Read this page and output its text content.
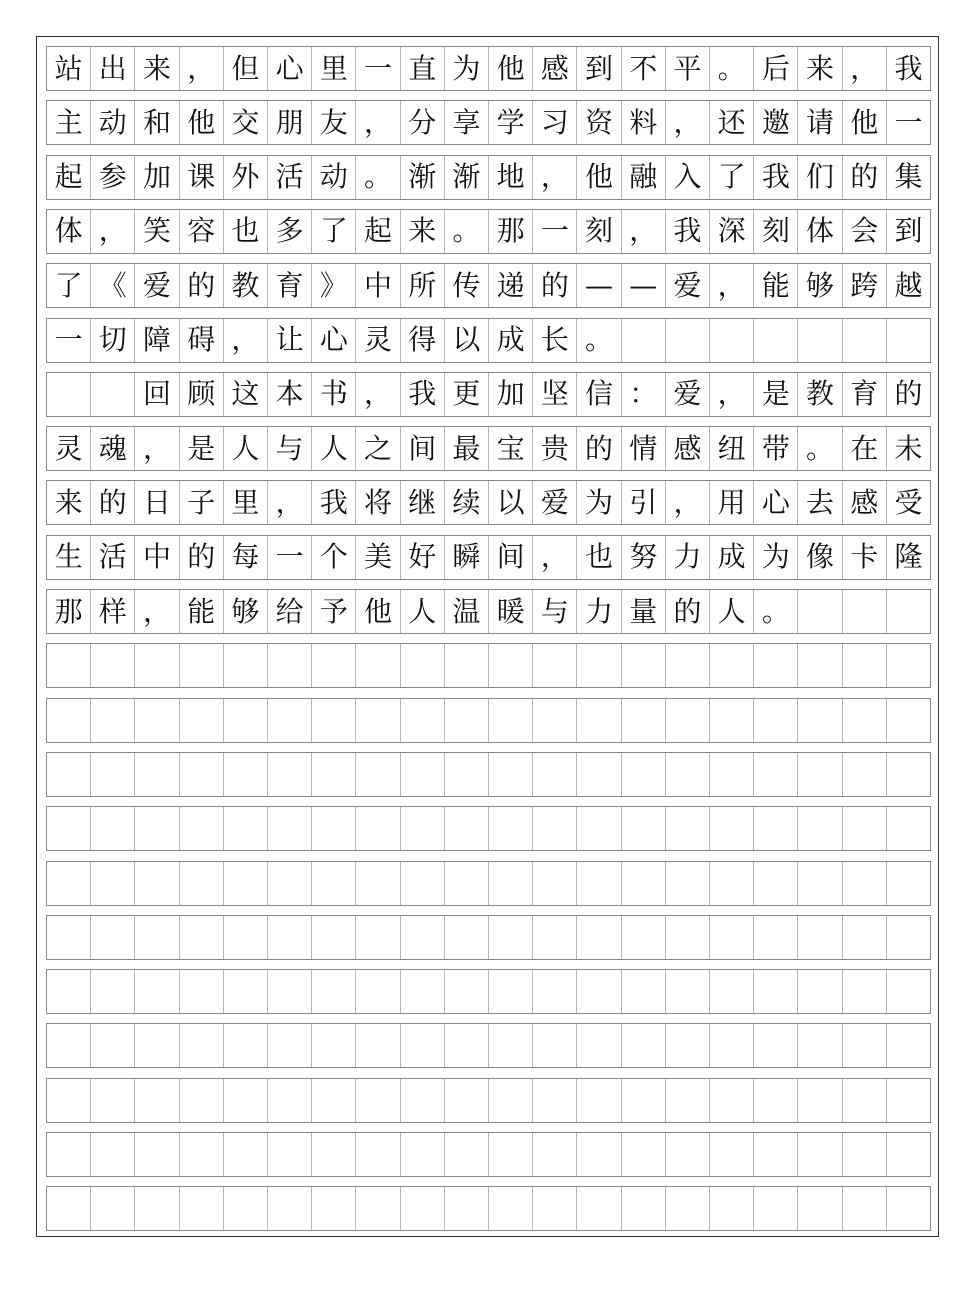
站 出 来 ， 但 心 里 一 直 为 他 感 到 不 平 。 后 来 ， 我
主 动 和 他 交 朋 友 ， 分 享 学 习 资 料 ， 还 邀 请 他 一
起 参 加 课 外 活 动 。 渐 渐 地 ， 他 融 入 了 我 们 的 集
体 ， 笑 容 也 多 了 起 来 。 那 一 刻 ， 我 深 刻 体 会 到
了 《 爱 的 教 育 》 中 所 传 递 的 — — 爱 ， 能 够 跨 越
一 切 障 碍 ， 让 心 灵 得 以 成 长 。
回 顾 这 本 书 ， 我 更 加 坚 信 ： 爱 ， 是 教 育 的
灵 魂 ， 是 人 与 人 之 间 最 宝 贵 的 情 感 纽 带 。 在 未
来 的 日 子 里 ， 我 将 继 续 以 爱 为 引 ， 用 心 去 感 受
生 活 中 的 每 一 个 美 好 瞬 间 ， 也 努 力 成 为 像 卡 隆
那 样 ， 能 够 给 予 他 人 温 暖 与 力 量 的 人 。
